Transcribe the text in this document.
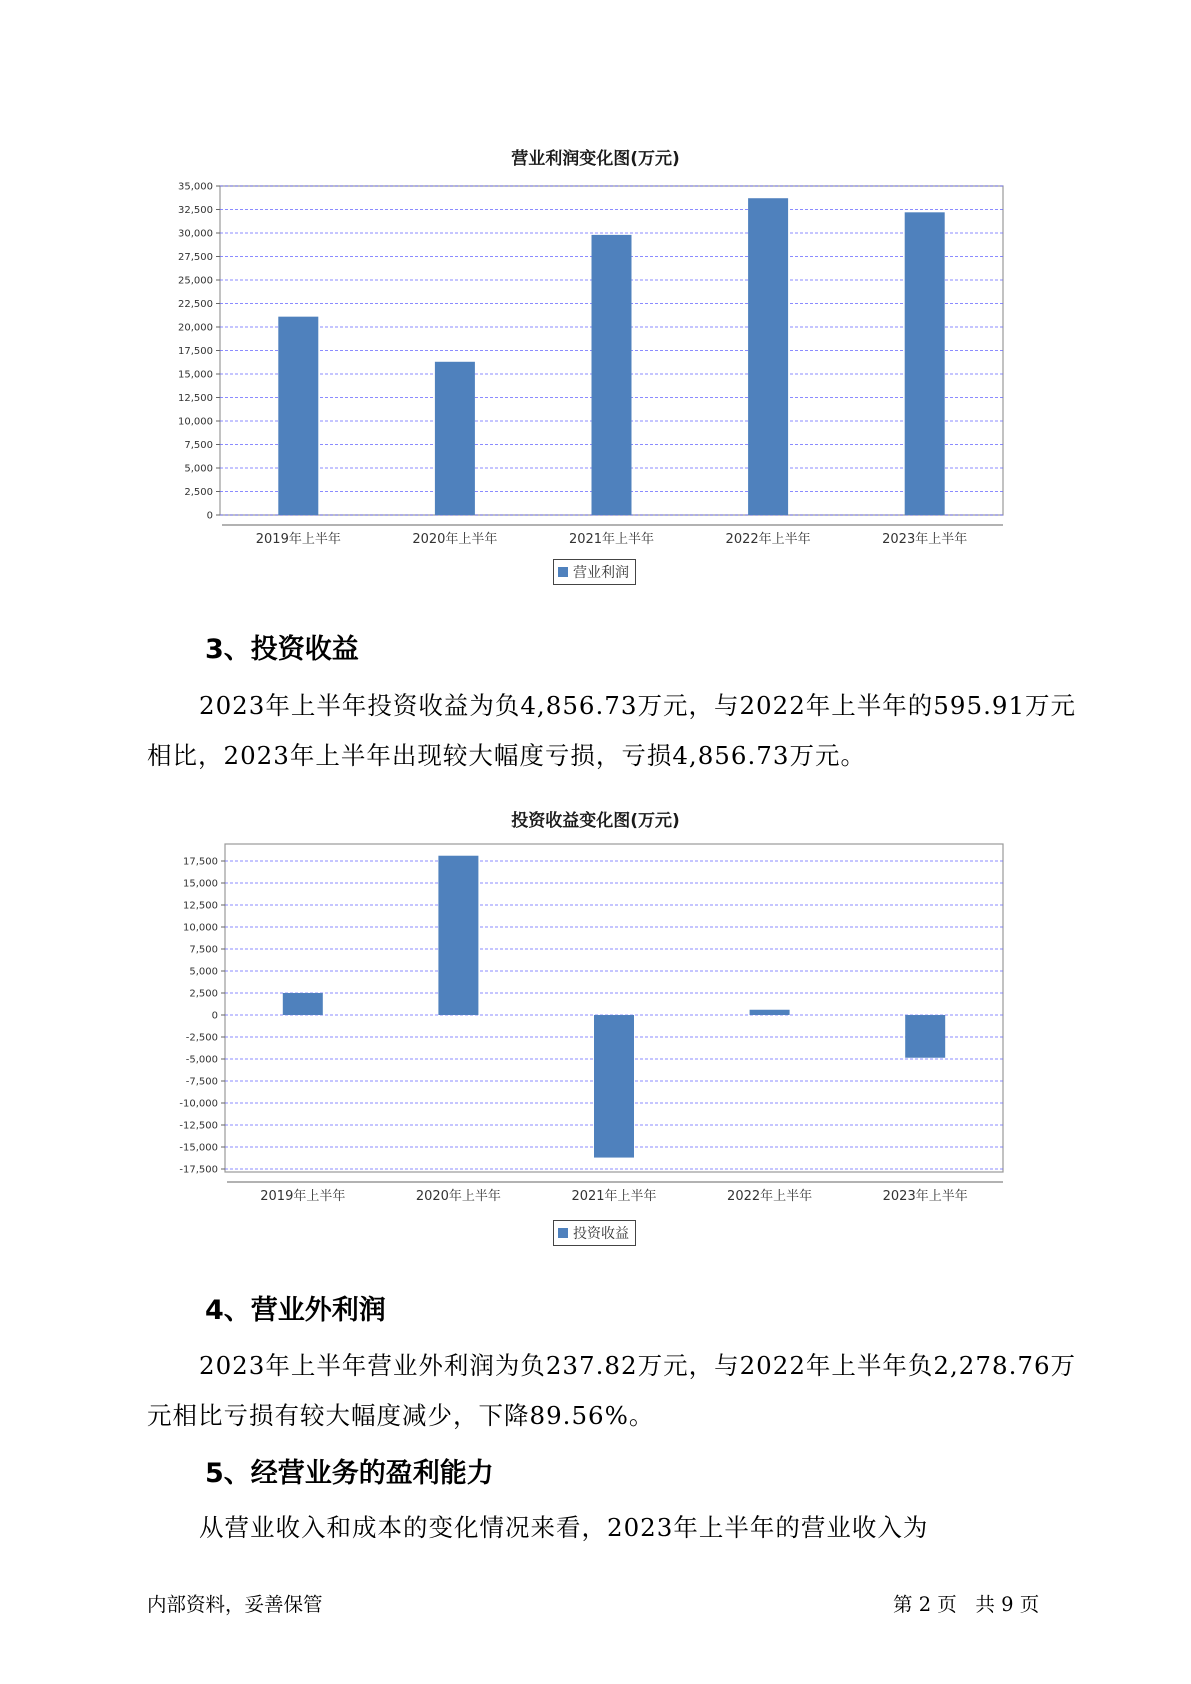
营业利润变化图(万元)
0
2,500
5,000
7,500
10,000
12,500
15,000
17,500
20,000
22,500
25,000
27,500
30,000
32,500
35,000
2019年上半年	2020年上半年	2021年上半年	2022年上半年	2023年上半年
营业利润
3、投资收益
2023年上半年投资收益为负4,856.73万元，与2022年上半年的595.91万元相比，2023年上半年出现较大幅度亏损，亏损4,856.73万元。
投资收益变化图(万元)
-17,500
-15,000
-12,500
-10,000
-7,500
-5,000
-2,500
0
2,500
5,000
7,500
10,000
12,500
15,000
17,500
2019年上半年	2020年上半年	2021年上半年	2022年上半年	2023年上半年
投资收益
4、营业外利润
2023年上半年营业外利润为负237.82万元，与2022年上半年负2,278.76万元相比亏损有较大幅度减少，下降89.56%。
5、经营业务的盈利能力
从营业收入和成本的变化情况来看，2023年上半年的营业收入为
内部资料，妥善保管	第 2 页   共 9 页
